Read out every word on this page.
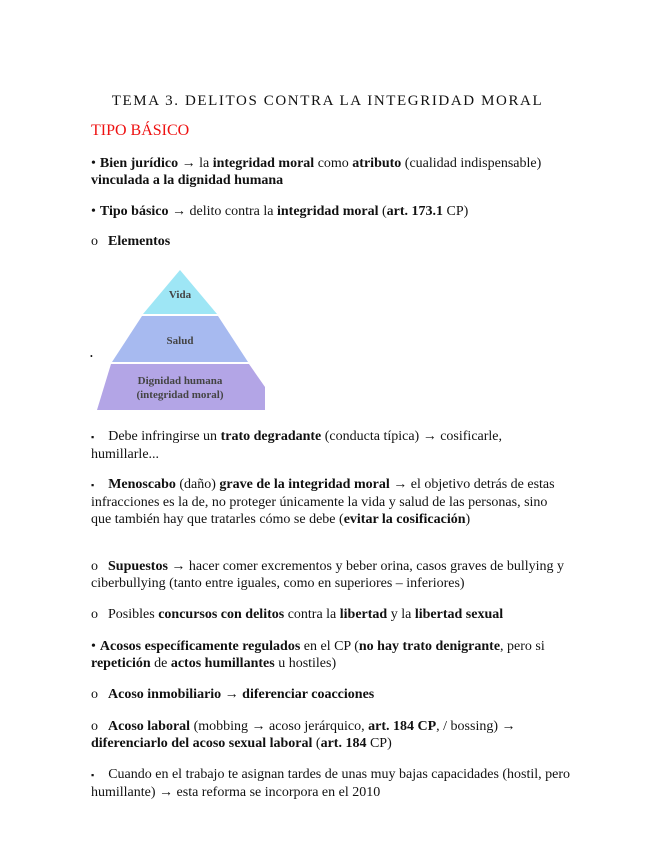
TEMA 3. DELITOS CONTRA LA INTEGRIDAD MORAL
TIPO BÁSICO
•
Vida
Salud
Dignidad humana
(integridad moral)
• Bien jurídico → la integridad moral como atributo (cualidad indispensable) vinculada a la dignidad humana
• Tipo básico → delito contra la integridad moral (art. 173.1 CP)
o Elementos
▪ Debe infringirse un trato degradante (conducta típica) → cosificarle, humillarle...
▪ Menoscabo (daño) grave de la integridad moral → el objetivo detrás de estas infracciones es la de, no proteger únicamente la vida y salud de las personas, sino que también hay que tratarles cómo se debe (evitar la cosificación)
o Supuestos → hacer comer excrementos y beber orina, casos graves de bullying y ciberbullying (tanto entre iguales, como en superiores – inferiores)
o Posibles concursos con delitos contra la libertad y la libertad sexual
• Acosos específicamente regulados en el CP (no hay trato denigrante, pero si repetición de actos humillantes u hostiles)
o Acoso inmobiliario → diferenciar coacciones
o Acoso laboral (mobbing → acoso jerárquico, art. 184 CP, / bossing) → diferenciarlo del acoso sexual laboral (art. 184 CP)
▪ Cuando en el trabajo te asignan tardes de unas muy bajas capacidades (hostil, pero humillante) → esta reforma se incorpora en el 2010
